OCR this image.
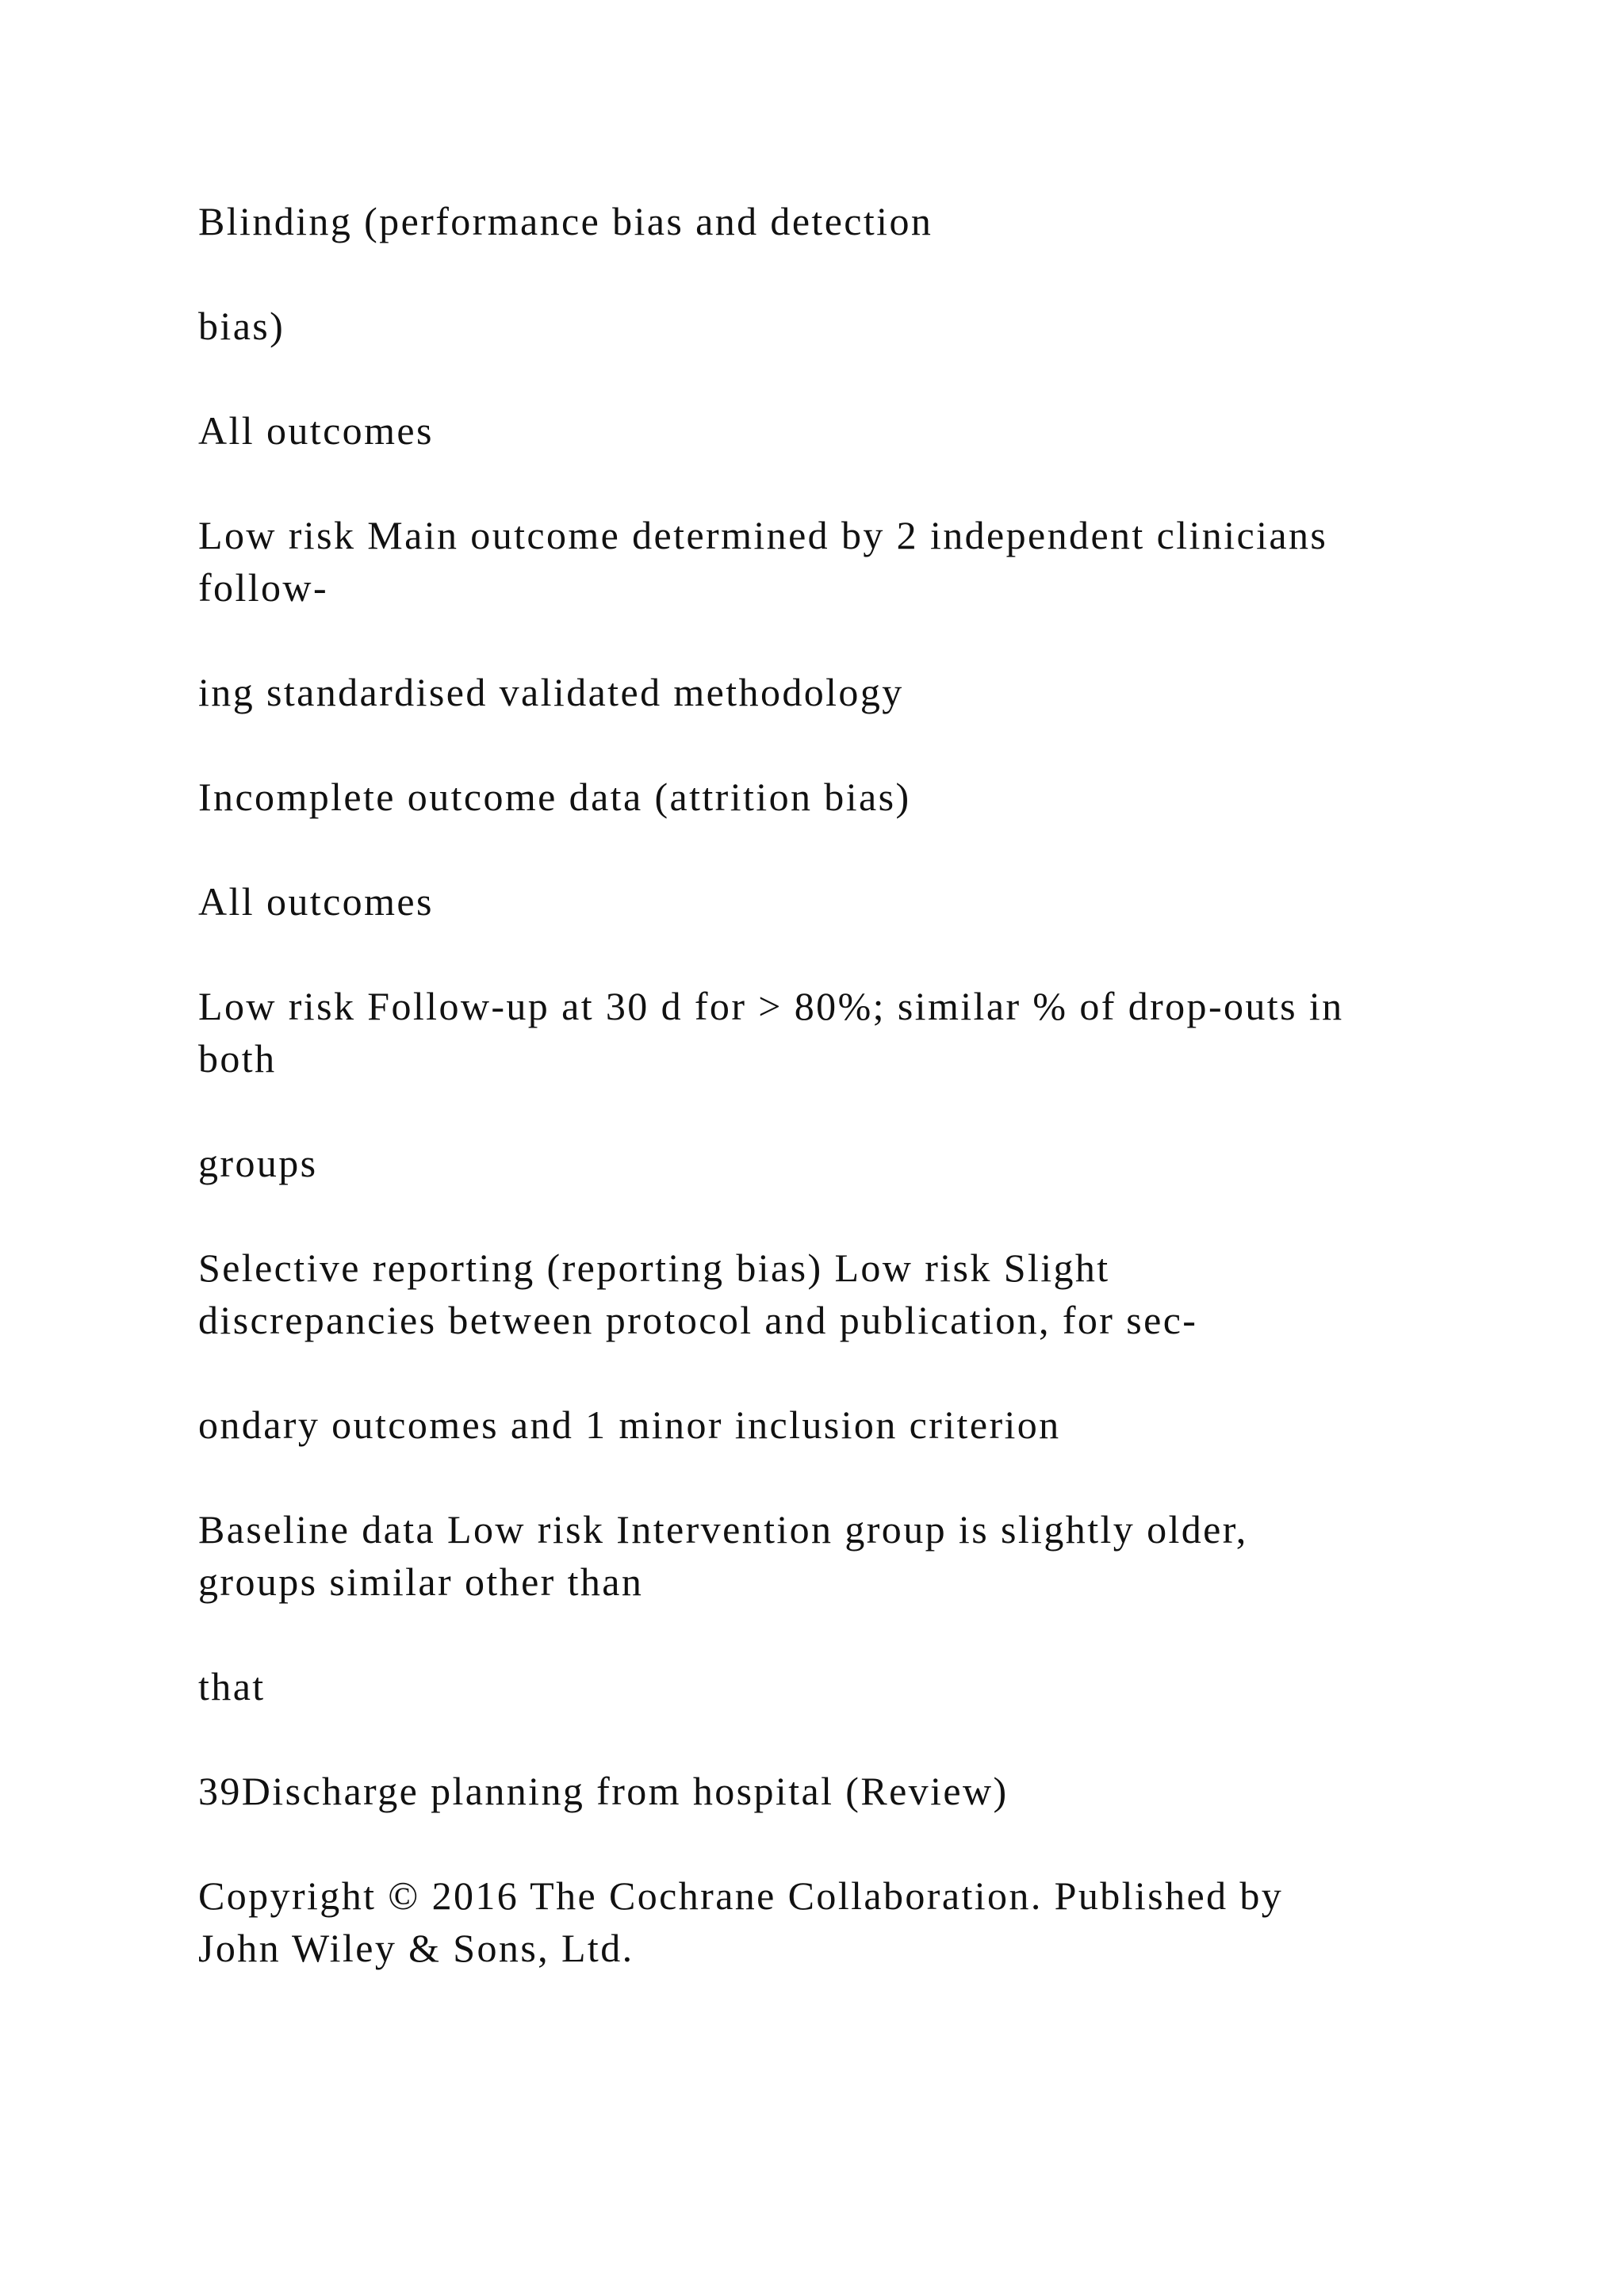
Blinding (performance bias and detection

bias)

All outcomes

Low risk Main outcome determined by 2 independent clinicians
follow-

ing standardised validated methodology

Incomplete outcome data (attrition bias)

All outcomes

Low risk Follow-up at 30 d for > 80%; similar % of drop-outs in
both

groups

Selective reporting (reporting bias) Low risk Slight
discrepancies between protocol and publication, for sec-

ondary outcomes and 1 minor inclusion criterion

Baseline data Low risk Intervention group is slightly older,
groups similar other than

that

39Discharge planning from hospital (Review)

Copyright © 2016 The Cochrane Collaboration. Published by
John Wiley & Sons, Ltd.
